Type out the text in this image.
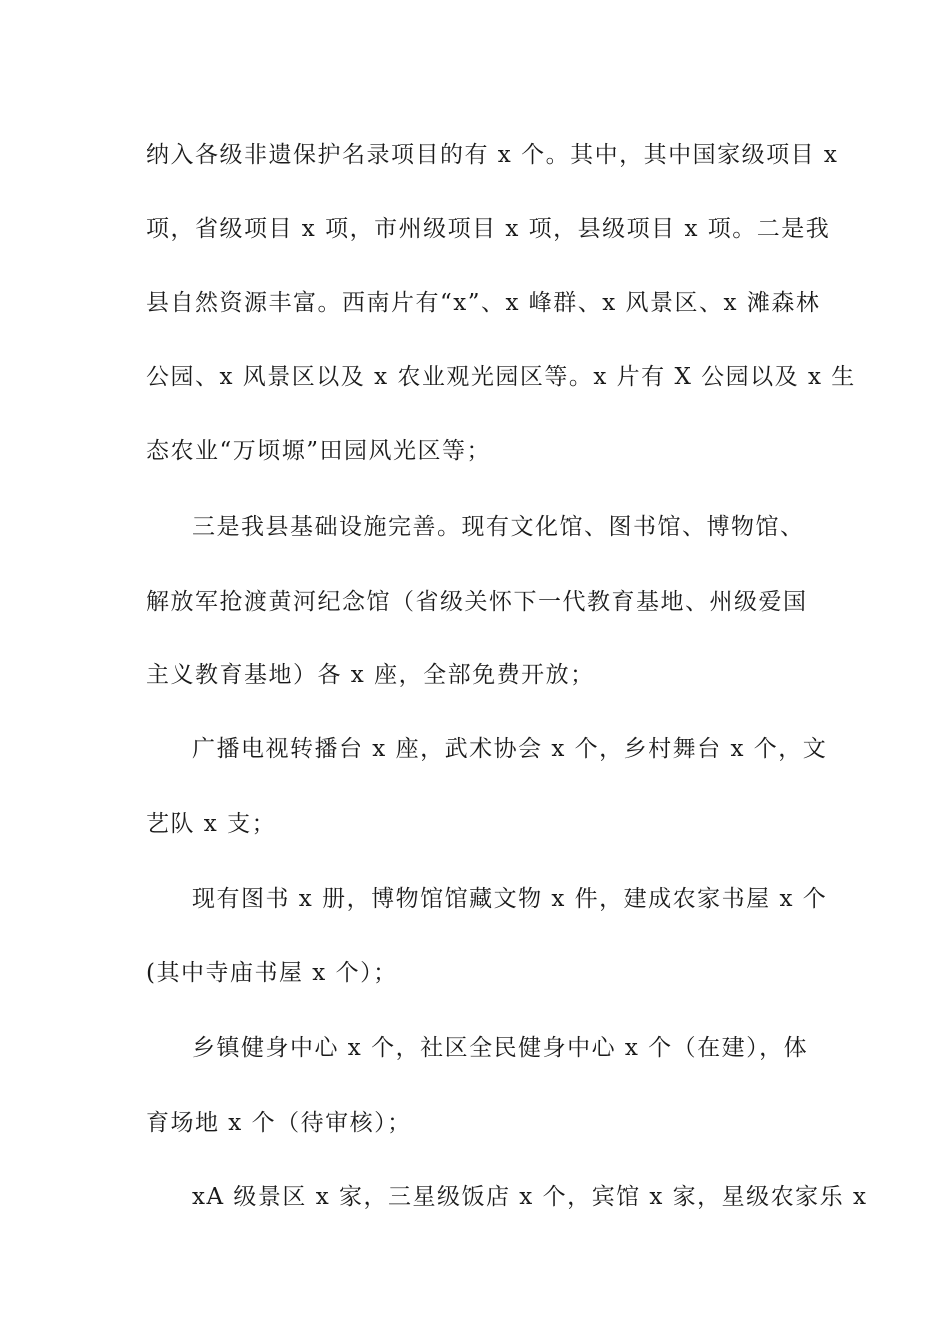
纳入各级非遗保护名录项目的有 x 个。其中，其中国家级项目 x
项，省级项目 x 项，市州级项目 x 项，县级项目 x 项。二是我
县自然资源丰富。西南片有“x”、x 峰群、x 风景区、x 滩森林
公园、x 风景区以及 x 农业观光园区等。x 片有 X 公园以及 x 生
态农业“万顷塬”田园风光区等；
三是我县基础设施完善。现有文化馆、图书馆、博物馆、
解放军抢渡黄河纪念馆（省级关怀下一代教育基地、州级爱国
主义教育基地）各 x 座，全部免费开放；
广播电视转播台 x 座，武术协会 x 个，乡村舞台 x 个，文
艺队 x 支；
现有图书 x 册，博物馆馆藏文物 x 件，建成农家书屋 x 个
(其中寺庙书屋 x 个）；
乡镇健身中心 x 个，社区全民健身中心 x 个（在建），体
育场地 x 个（待审核）；
xA 级景区 x 家，三星级饭店 x 个，宾馆 x 家，星级农家乐 x
